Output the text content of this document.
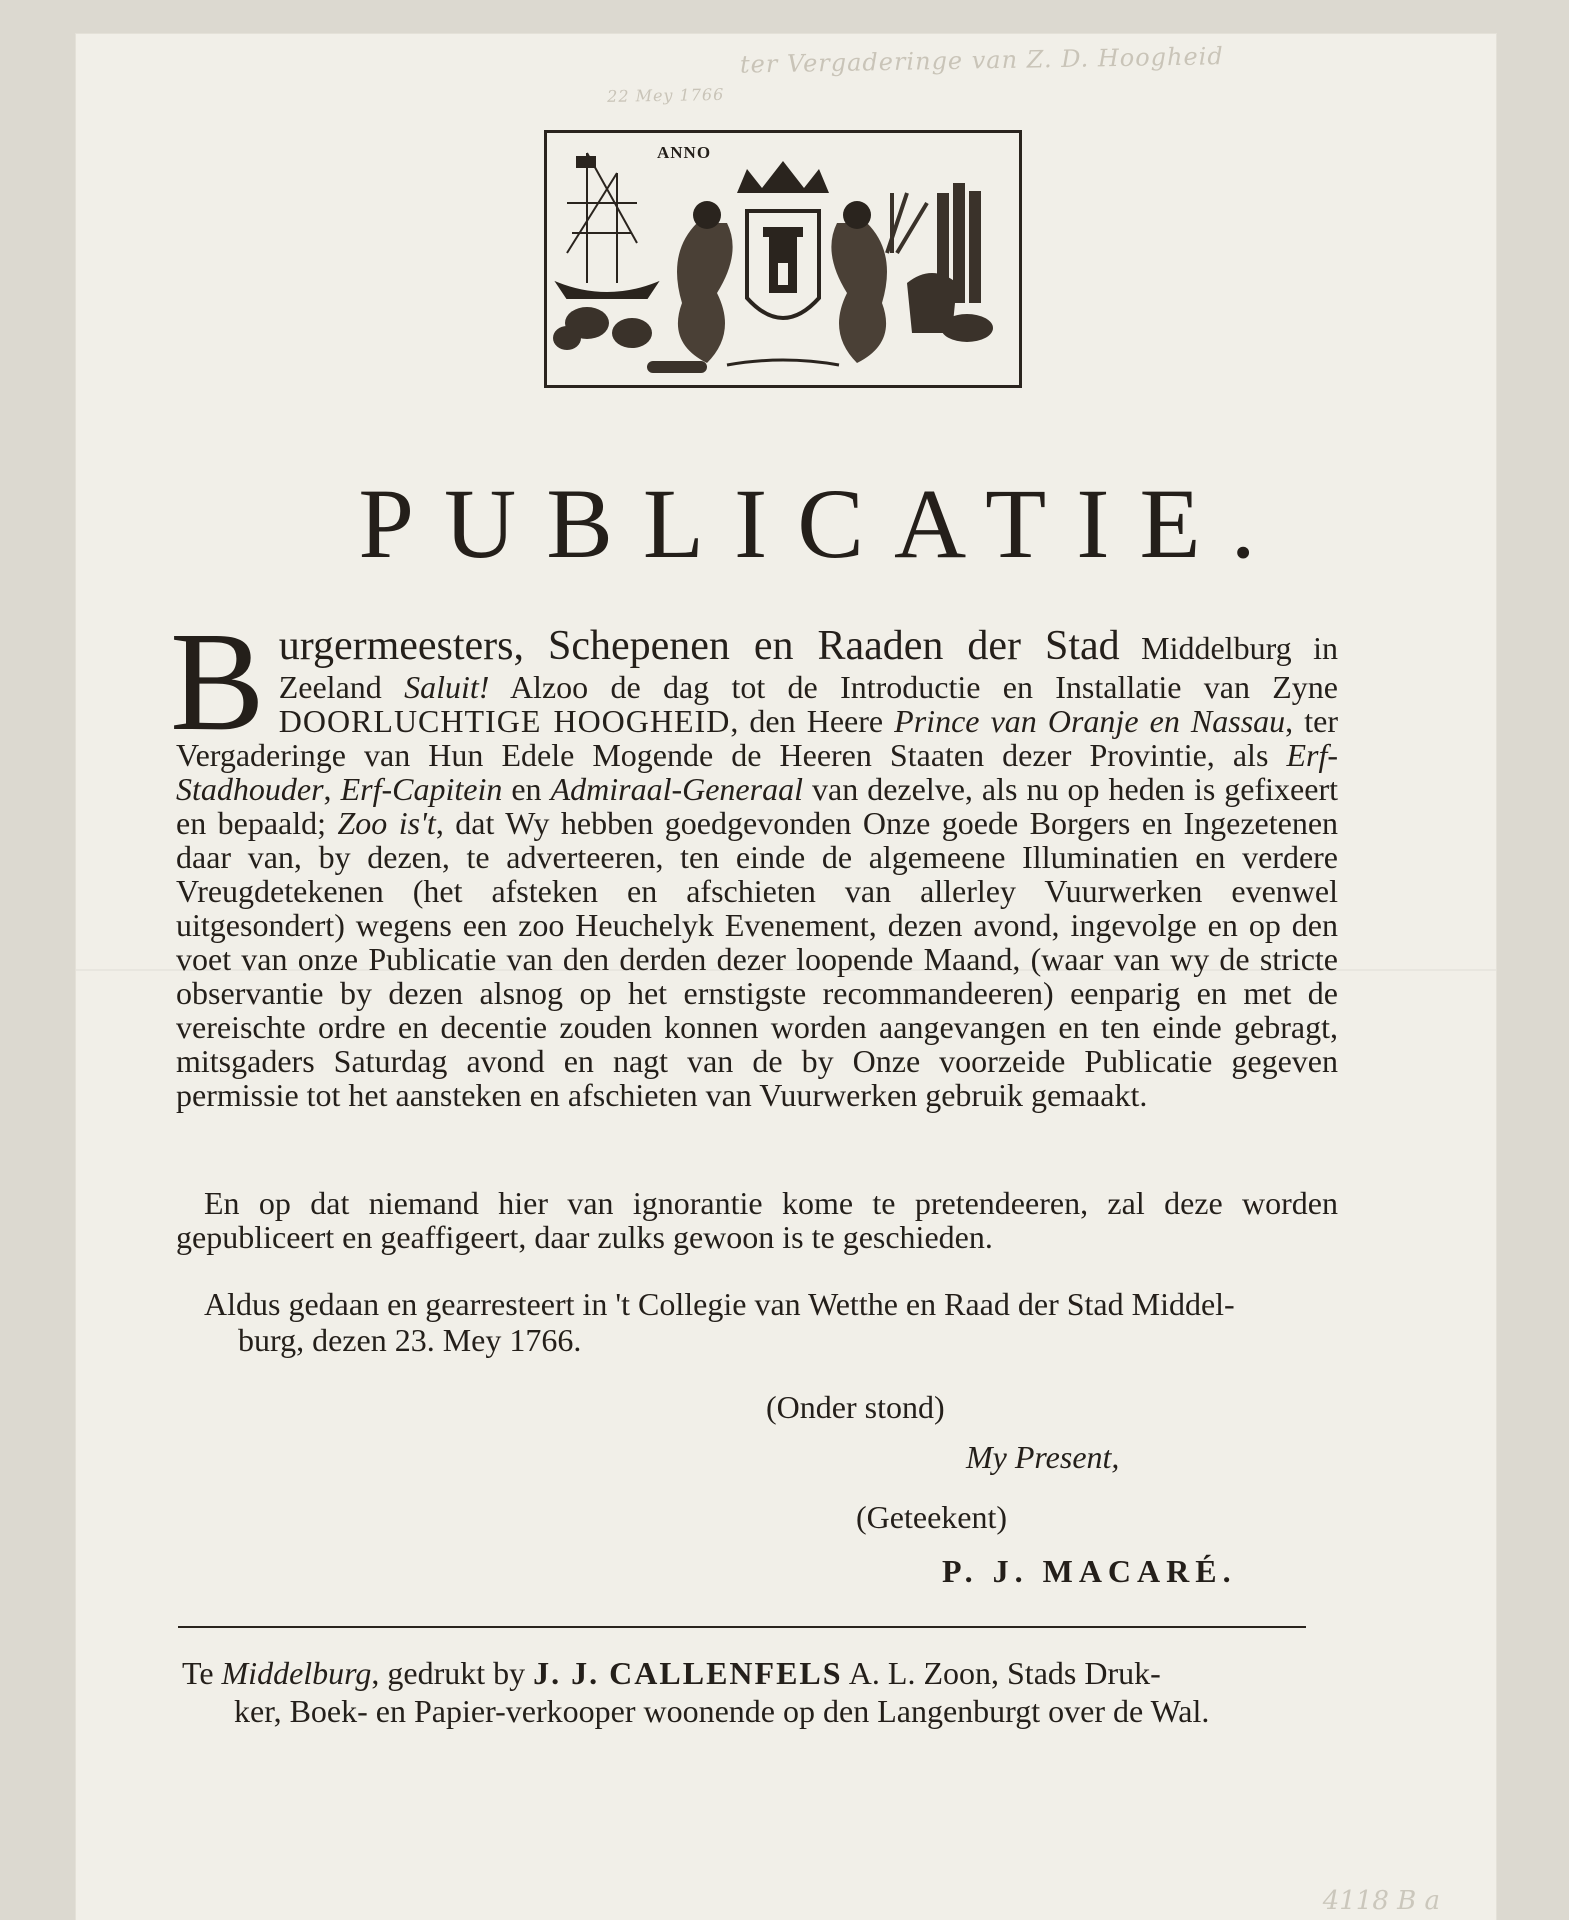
ter Vergaderinge van Z. D. Hoogheid
22 Mey 1766
ANNO
PUBLICATIE.
B urgermeesters, Schepenen en Raaden der Stad Middelburg in Zeeland Saluit! Alzoo de dag tot de Introductie en Installatie van Zyne DOORLUCHTIGE HOOGHEID, den Heere Prince van Oranje en Nassau, ter Vergaderinge van Hun Edele Mogende de Heeren Staaten dezer Provintie, als Erf-Stadhouder, Erf-Capitein en Admiraal-Generaal van dezelve, als nu op heden is gefixeert en bepaald; Zoo is't, dat Wy hebben goedgevonden Onze goede Borgers en Ingezetenen daar van, by dezen, te adverteeren, ten einde de algemeene Illuminatien en verdere Vreugdetekenen (het afsteken en afschieten van allerley Vuurwerken evenwel uitgesondert) wegens een zoo Heuchelyk Evenement, dezen avond, ingevolge en op den voet van onze Publicatie van den derden dezer loopende Maand, (waar van wy de stricte observantie by dezen alsnog op het ernstigste recommandeeren) eenparig en met de vereischte ordre en decentie zouden konnen worden aangevangen en ten einde gebragt, mitsgaders Saturdag avond en nagt van de by Onze voorzeide Publicatie gegeven permissie tot het aansteken en afschieten van Vuurwerken gebruik gemaakt.
En op dat niemand hier van ignorantie kome te pretendeeren, zal deze worden gepubliceert en geaffigeert, daar zulks gewoon is te geschieden.
Aldus gedaan en gearresteert in 't Collegie van Wetthe en Raad der Stad Middel-
burg, dezen 23. Mey 1766.
(Onder stond)
My Present,
(Geteekent)
P. J. MACARÉ.
Te Middelburg, gedrukt by J. J. CALLENFELS A. L. Zoon, Stads Druk-
ker, Boek- en Papier-verkooper woonende op den Langenburgt over de Wal.
4118 B a
